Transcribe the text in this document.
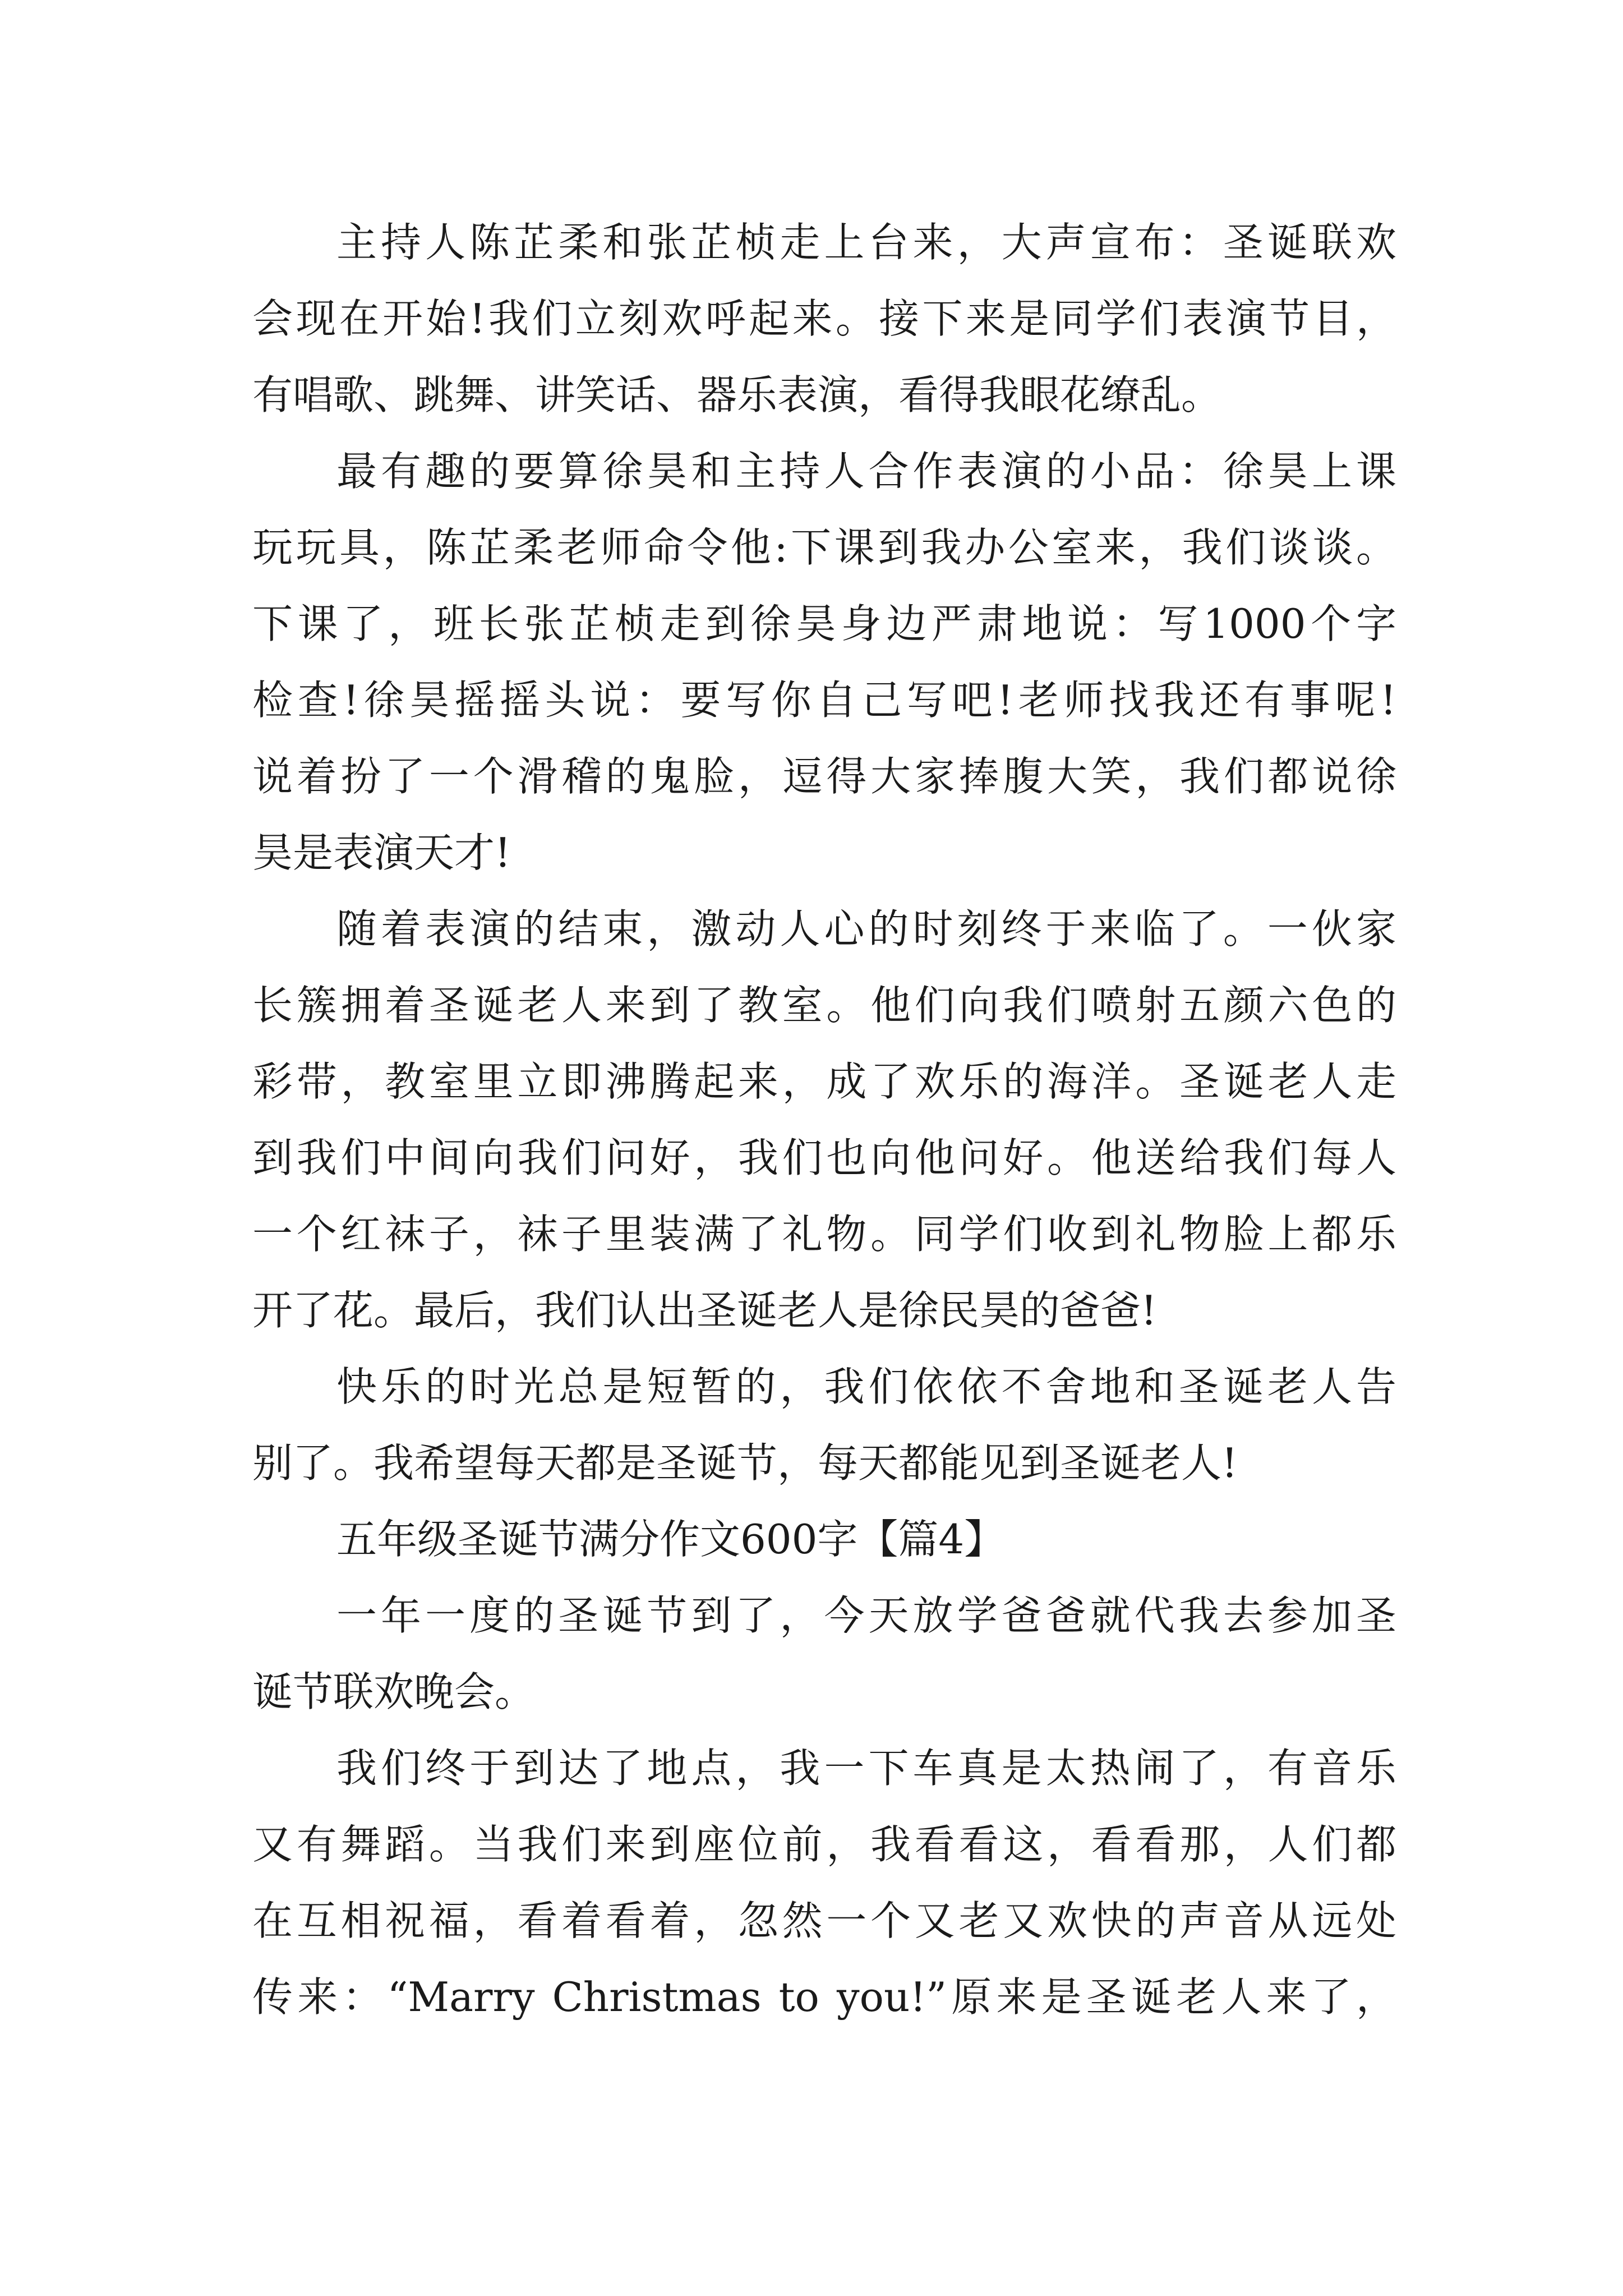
主持人陈芷柔和张芷桢走上台来，大声宣布：圣诞联欢
会现在开始!我们立刻欢呼起来。接下来是同学们表演节目，
有唱歌、跳舞、讲笑话、器乐表演，看得我眼花缭乱。
最有趣的要算徐昊和主持人合作表演的小品：徐昊上课
玩玩具，陈芷柔老师命令他:下课到我办公室来，我们谈谈。
下课了，班长张芷桢走到徐昊身边严肃地说：写1000个字
检查!徐昊摇摇头说：要写你自己写吧!老师找我还有事呢!
说着扮了一个滑稽的鬼脸，逗得大家捧腹大笑，我们都说徐
昊是表演天才!
随着表演的结束，激动人心的时刻终于来临了。一伙家
长簇拥着圣诞老人来到了教室。他们向我们喷射五颜六色的
彩带，教室里立即沸腾起来，成了欢乐的海洋。圣诞老人走
到我们中间向我们问好，我们也向他问好。他送给我们每人
一个红袜子，袜子里装满了礼物。同学们收到礼物脸上都乐
开了花。最后，我们认出圣诞老人是徐民昊的爸爸!
快乐的时光总是短暂的，我们依依不舍地和圣诞老人告
别了。我希望每天都是圣诞节，每天都能见到圣诞老人!
五年级圣诞节满分作文600字【篇4】
一年一度的圣诞节到了，今天放学爸爸就代我去参加圣
诞节联欢晚会。
我们终于到达了地点，我一下车真是太热闹了，有音乐
又有舞蹈。当我们来到座位前，我看看这，看看那，人们都
在互相祝福，看着看着，忽然一个又老又欢快的声音从远处
传来：“Marry Christmas to you!”原来是圣诞老人来了，
